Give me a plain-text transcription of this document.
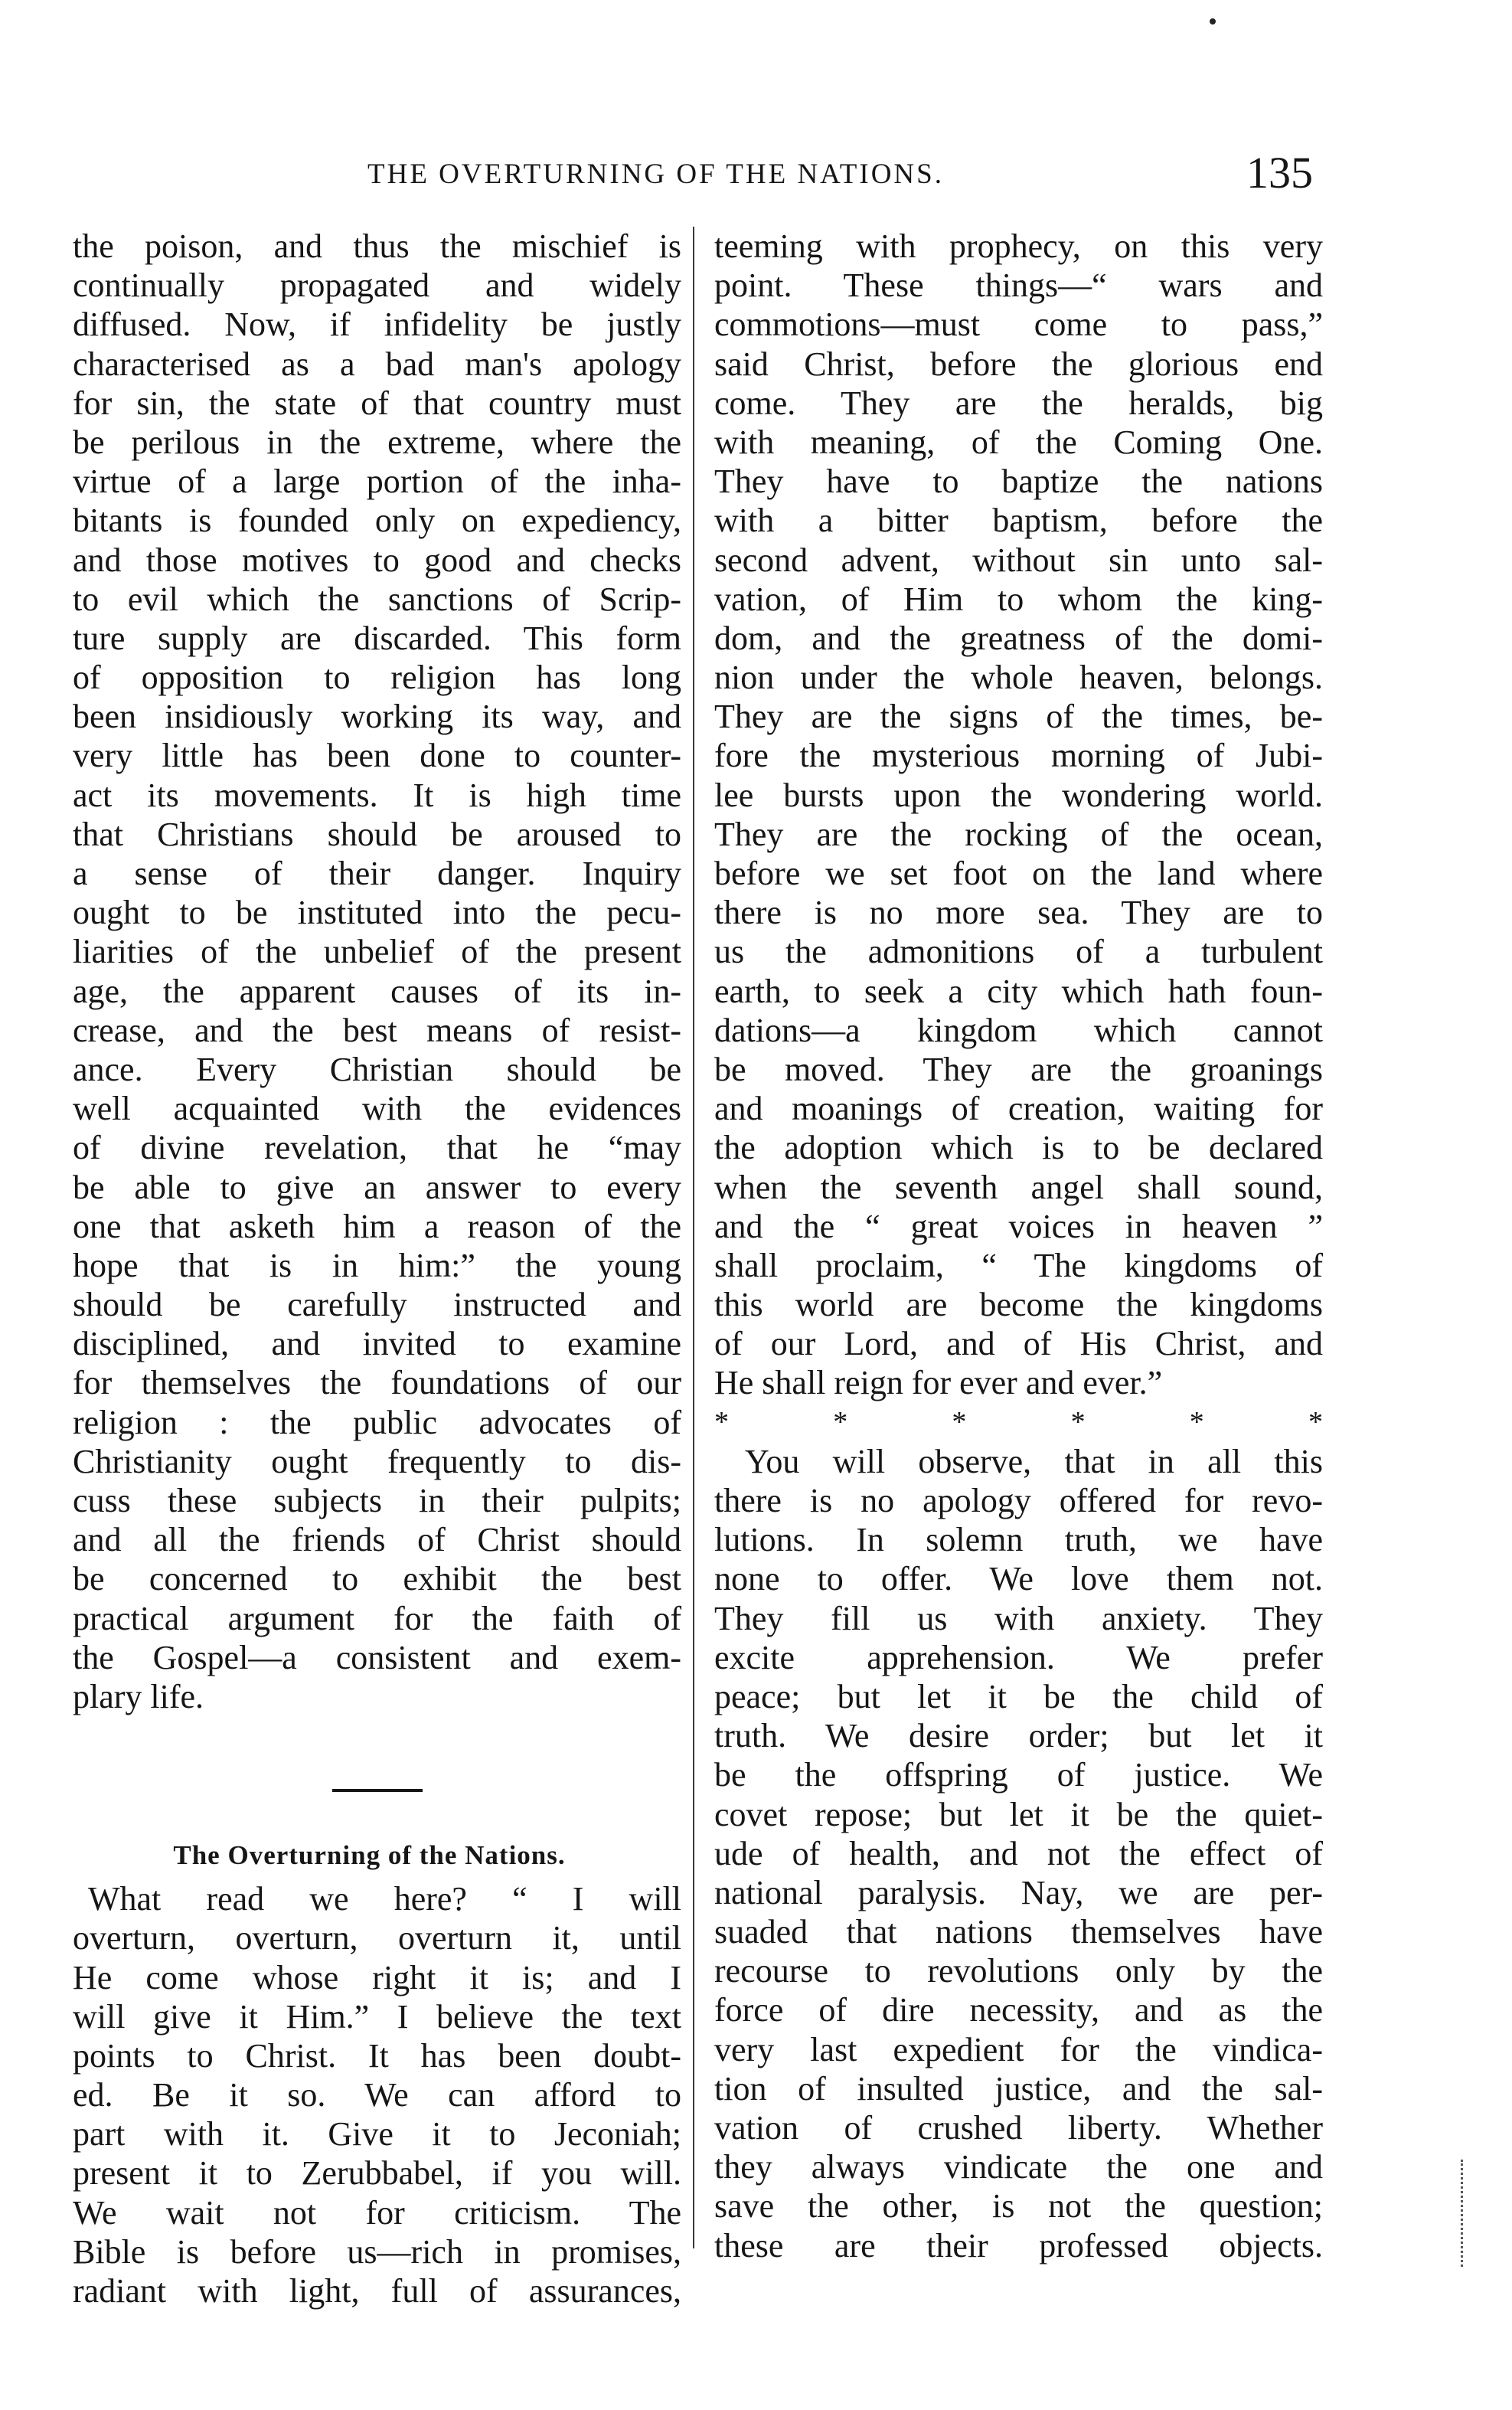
THE OVERTURNING OF THE NATIONS.	135
the poison, and thus the mischief is
continually propagated and widely
diffused. Now, if infidelity be justly
characterised as a bad man's apology
for sin, the state of that country must
be perilous in the extreme, where the
virtue of a large portion of the inha-
bitants is founded only on expediency,
and those motives to good and checks
to evil which the sanctions of Scrip-
ture supply are discarded. This form
of opposition to religion has long
been insidiously working its way, and
very little has been done to counter-
act its movements. It is high time
that Christians should be aroused to
a sense of their danger. Inquiry
ought to be instituted into the pecu-
liarities of the unbelief of the present
age, the apparent causes of its in-
crease, and the best means of resist-
ance. Every Christian should be
well acquainted with the evidences
of divine revelation, that he “may
be able to give an answer to every
one that asketh him a reason of the
hope that is in him:” the young
should be carefully instructed and
disciplined, and invited to examine
for themselves the foundations of our
religion : the public advocates of
Christianity ought frequently to dis-
cuss these subjects in their pulpits;
and all the friends of Christ should
be concerned to exhibit the best
practical argument for the faith of
the Gospel—a consistent and exem-
plary life.
The Overturning of the Nations.
What read we here? “ I will
overturn, overturn, overturn it, until
He come whose right it is; and I
will give it Him.” I believe the text
points to Christ. It has been doubt-
ed. Be it so. We can afford to
part with it. Give it to Jeconiah;
present it to Zerubbabel, if you will.
We wait not for criticism. The
Bible is before us—rich in promises,
radiant with light, full of assurances,
teeming with prophecy, on this very
point. These things—“ wars and
commotions—must come to pass,”
said Christ, before the glorious end
come. They are the heralds, big
with meaning, of the Coming One.
They have to baptize the nations
with a bitter baptism, before the
second advent, without sin unto sal-
vation, of Him to whom the king-
dom, and the greatness of the domi-
nion under the whole heaven, belongs.
They are the signs of the times, be-
fore the mysterious morning of Jubi-
lee bursts upon the wondering world.
They are the rocking of the ocean,
before we set foot on the land where
there is no more sea. They are to
us the admonitions of a turbulent
earth, to seek a city which hath foun-
dations—a kingdom which cannot
be moved. They are the groanings
and moanings of creation, waiting for
the adoption which is to be declared
when the seventh angel shall sound,
and the “ great voices in heaven ”
shall proclaim, “ The kingdoms of
this world are become the kingdoms
of our Lord, and of His Christ, and
He shall reign for ever and ever.”
*	*	*	*	*	*
You will observe, that in all this
there is no apology offered for revo-
lutions. In solemn truth, we have
none to offer. We love them not.
They fill us with anxiety. They
excite apprehension. We prefer
peace; but let it be the child of
truth. We desire order; but let it
be the offspring of justice. We
covet repose; but let it be the quiet-
ude of health, and not the effect of
national paralysis. Nay, we are per-
suaded that nations themselves have
recourse to revolutions only by the
force of dire necessity, and as the
very last expedient for the vindica-
tion of insulted justice, and the sal-
vation of crushed liberty. Whether
they always vindicate the one and
save the other, is not the question;
these are their professed objects.
